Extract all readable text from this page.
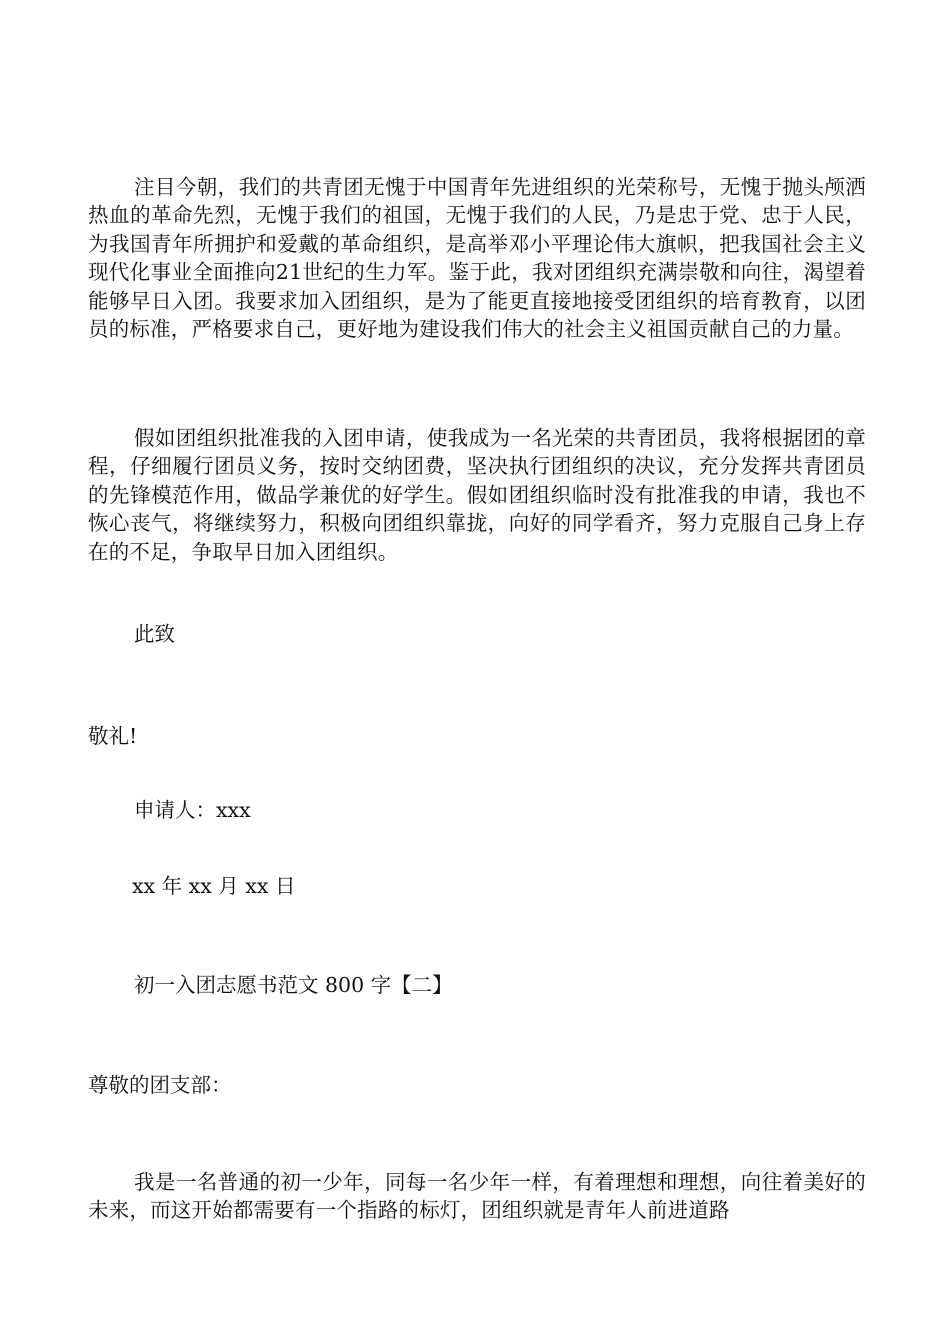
注目今朝，我们的共青团无愧于中国青年先进组织的光荣称号，无愧于抛头颅洒热血的革命先烈，无愧于我们的祖国，无愧于我们的人民，乃是忠于党、忠于人民，为我国青年所拥护和爱戴的革命组织，是高举邓小平理论伟大旗帜，把我国社会主义现代化事业全面推向21世纪的生力军。鉴于此，我对团组织充满崇敬和向往，渴望着能够早日入团。我要求加入团组织，是为了能更直接地接受团组织的培育教育，以团员的标准，严格要求自己，更好地为建设我们伟大的社会主义祖国贡献自己的力量。

假如团组织批准我的入团申请，使我成为一名光荣的共青团员，我将根据团的章程，仔细履行团员义务，按时交纳团费，坚决执行团组织的决议，充分发挥共青团员的先锋模范作用，做品学兼优的好学生。假如团组织临时没有批准我的申请，我也不恢心丧气，将继续努力，积极向团组织靠拢，向好的同学看齐，努力克服自己身上存在的不足，争取早日加入团组织。

此致

敬礼!

申请人：xxx

xx 年 xx 月 xx 日

初一入团志愿书范文 800 字【二】

尊敬的团支部：

我是一名普通的初一少年，同每一名少年一样，有着理想和理想，向往着美好的未来，而这开始都需要有一个指路的标灯，团组织就是青年人前进道路
